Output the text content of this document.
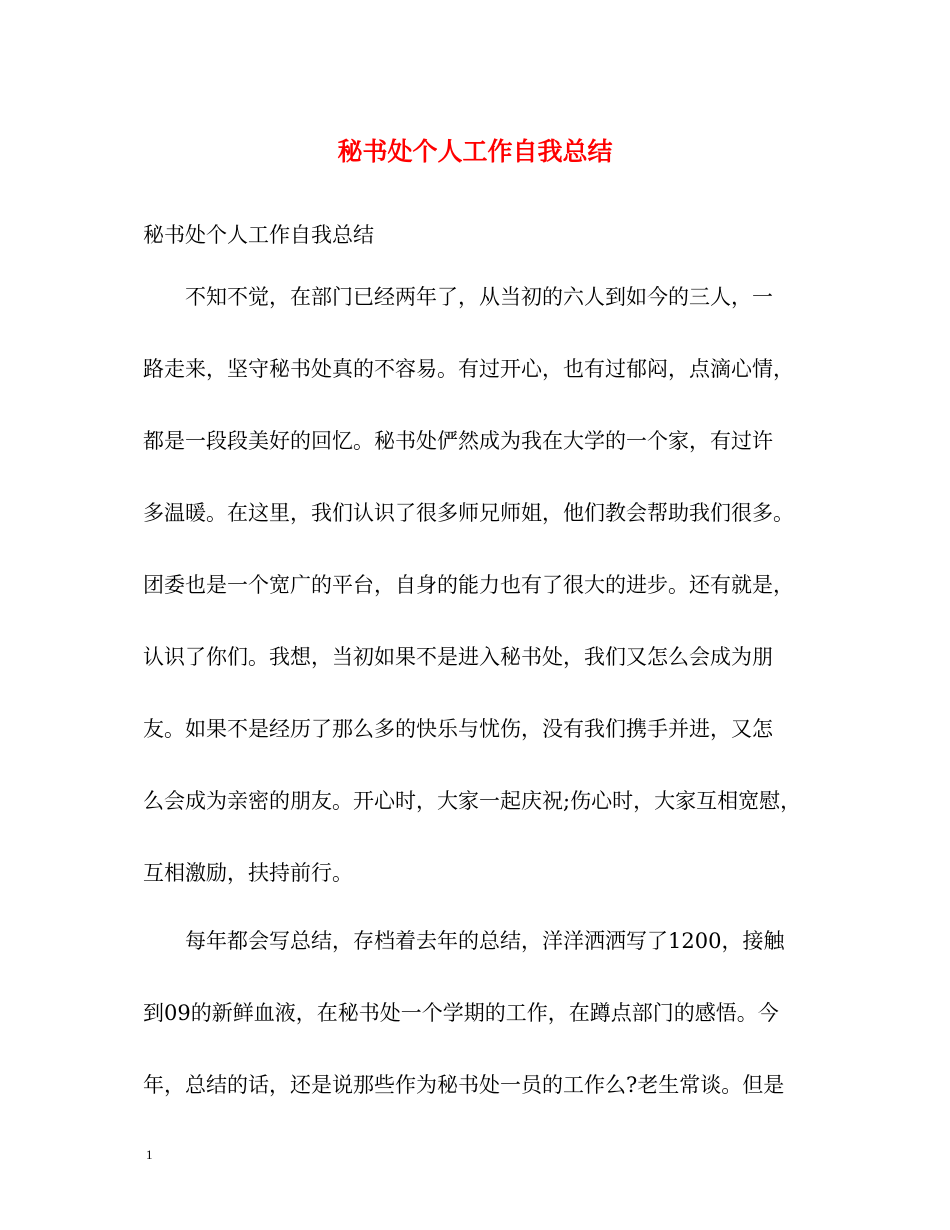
秘书处个人工作自我总结

秘书处个人工作自我总结

不知不觉，在部门已经两年了，从当初的六人到如今的三人，一

路走来，坚守秘书处真的不容易。有过开心，也有过郁闷，点滴心情，

都是一段段美好的回忆。秘书处俨然成为我在大学的一个家，有过许

多温暖。在这里，我们认识了很多师兄师姐，他们教会帮助我们很多。

团委也是一个宽广的平台，自身的能力也有了很大的进步。还有就是，

认识了你们。我想，当初如果不是进入秘书处，我们又怎么会成为朋

友。如果不是经历了那么多的快乐与忧伤，没有我们携手并进，又怎

么会成为亲密的朋友。开心时，大家一起庆祝;伤心时，大家互相宽慰，

互相激励，扶持前行。

每年都会写总结，存档着去年的总结，洋洋洒洒写了1200，接触

到09的新鲜血液，在秘书处一个学期的工作，在蹲点部门的感悟。今

年，总结的话，还是说那些作为秘书处一员的工作么?老生常谈。但是

1
